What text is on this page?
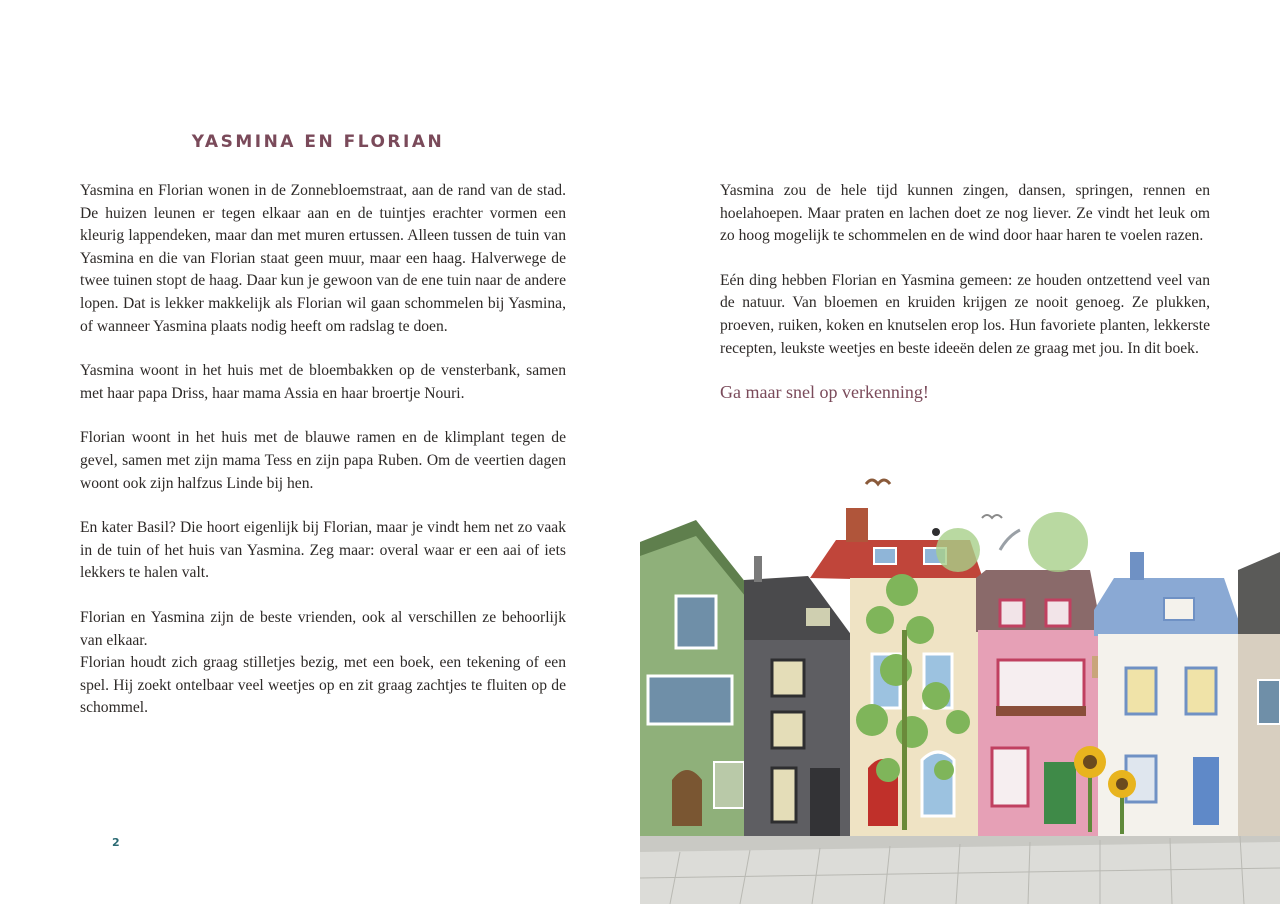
YASMINA EN FLORIAN

Yasmina en Florian wonen in de Zonnebloemstraat, aan de rand van de stad. De huizen leunen er tegen elkaar aan en de tuintjes erachter vormen een kleurig lappendeken, maar dan met muren ertussen. Alleen tussen de tuin van Yasmina en die van Florian staat geen muur, maar een haag. Halverwege de twee tuinen stopt de haag. Daar kun je gewoon van de ene tuin naar de andere lopen. Dat is lekker makkelijk als Florian wil gaan schommelen bij Yasmina, of wanneer Yasmina plaats nodig heeft om radslag te doen.

Yasmina woont in het huis met de bloembakken op de vensterbank, samen met haar papa Driss, haar mama Assia en haar broertje Nouri.

Florian woont in het huis met de blauwe ramen en de klimplant tegen de gevel, samen met zijn mama Tess en zijn papa Ruben. Om de veertien dagen woont ook zijn halfzus Linde bij hen.

En kater Basil? Die hoort eigenlijk bij Florian, maar je vindt hem net zo vaak in de tuin of het huis van Yasmina. Zeg maar: overal waar er een aai of iets lekkers te halen valt.

Florian en Yasmina zijn de beste vrienden, ook al verschillen ze behoorlijk van elkaar.

Florian houdt zich graag stilletjes bezig, met een boek, een tekening of een spel. Hij zoekt ontelbaar veel weetjes op en zit graag zachtjes te fluiten op de schommel.

2

Yasmina zou de hele tijd kunnen zingen, dansen, springen, rennen en hoelahoepen. Maar praten en lachen doet ze nog liever. Ze vindt het leuk om zo hoog mogelijk te schommelen en de wind door haar haren te voelen razen.

Eén ding hebben Florian en Yasmina gemeen: ze houden ontzettend veel van de natuur. Van bloemen en kruiden krijgen ze nooit genoeg. Ze plukken, proeven, ruiken, koken en knutselen erop los. Hun favoriete planten, lekkerste recepten, leukste weetjes en beste ideeën delen ze graag met jou. In dit boek.

Ga maar snel op verkenning!
